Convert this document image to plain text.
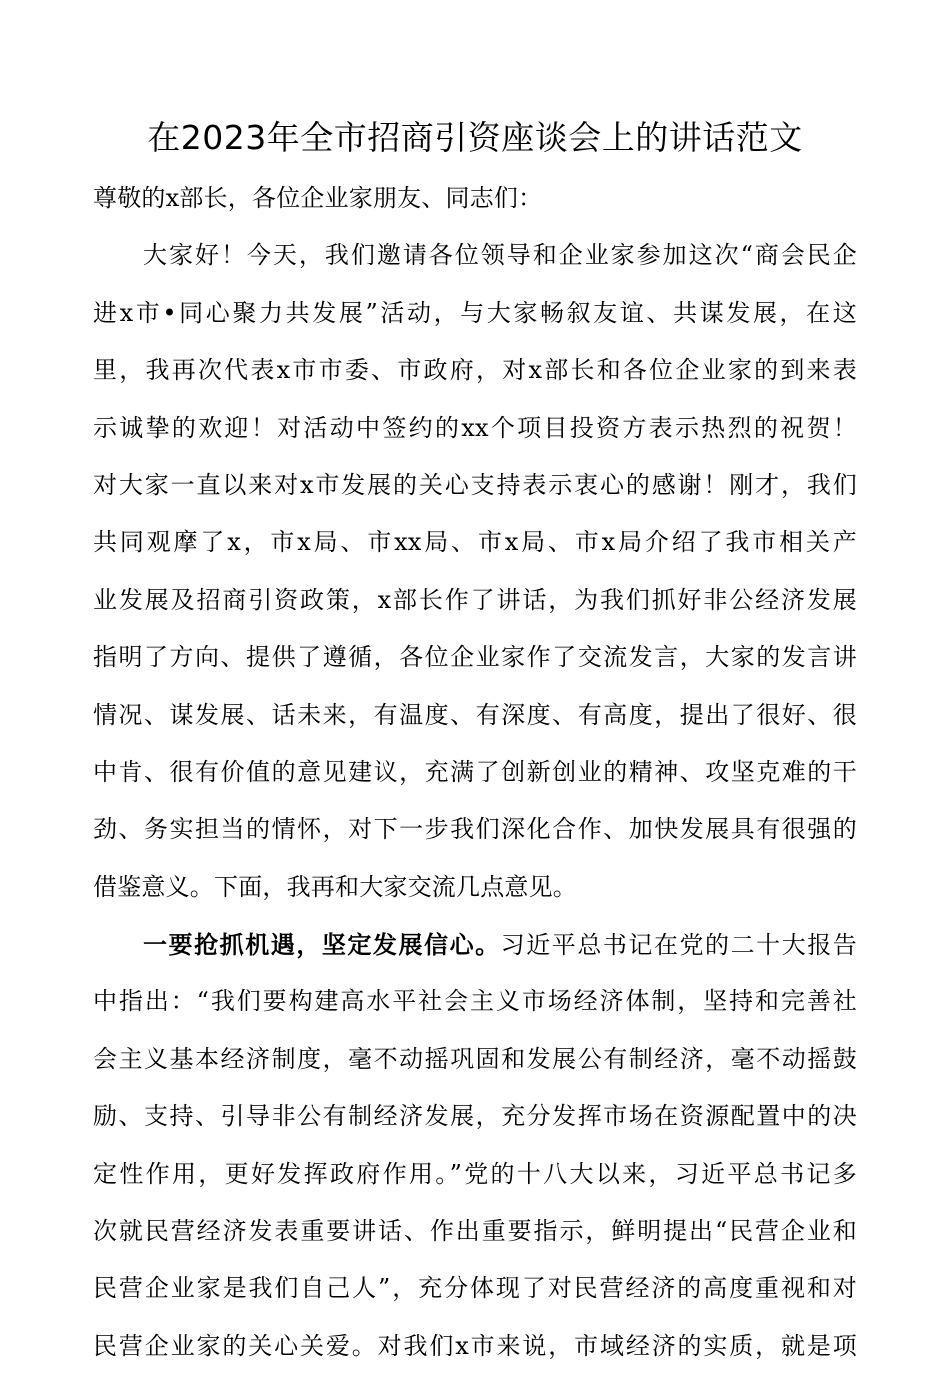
在2023年全市招商引资座谈会上的讲话范文
尊敬的x部长，各位企业家朋友、同志们：
大家好！今天，我们邀请各位领导和企业家参加这次“商会民企
进x市•同心聚力共发展”活动，与大家畅叙友谊、共谋发展，在这
里，我再次代表x市市委、市政府，对x部长和各位企业家的到来表
示诚挚的欢迎！对活动中签约的xx个项目投资方表示热烈的祝贺！
对大家一直以来对x市发展的关心支持表示衷心的感谢！刚才，我们
共同观摩了x，市x局、市xx局、市x局、市x局介绍了我市相关产
业发展及招商引资政策，x部长作了讲话，为我们抓好非公经济发展
指明了方向、提供了遵循，各位企业家作了交流发言，大家的发言讲
情况、谋发展、话未来，有温度、有深度、有高度，提出了很好、很
中肯、很有价值的意见建议，充满了创新创业的精神、攻坚克难的干
劲、务实担当的情怀，对下一步我们深化合作、加快发展具有很强的
借鉴意义。下面，我再和大家交流几点意见。
一要抢抓机遇，坚定发展信心。习近平总书记在党的二十大报告
中指出：“我们要构建高水平社会主义市场经济体制，坚持和完善社
会主义基本经济制度，毫不动摇巩固和发展公有制经济，毫不动摇鼓
励、支持、引导非公有制经济发展，充分发挥市场在资源配置中的决
定性作用，更好发挥政府作用。”党的十八大以来，习近平总书记多
次就民营经济发表重要讲话、作出重要指示，鲜明提出“民营企业和
民营企业家是我们自己人”，充分体现了对民营经济的高度重视和对
民营企业家的关心关爱。对我们x市来说，市域经济的实质，就是项
